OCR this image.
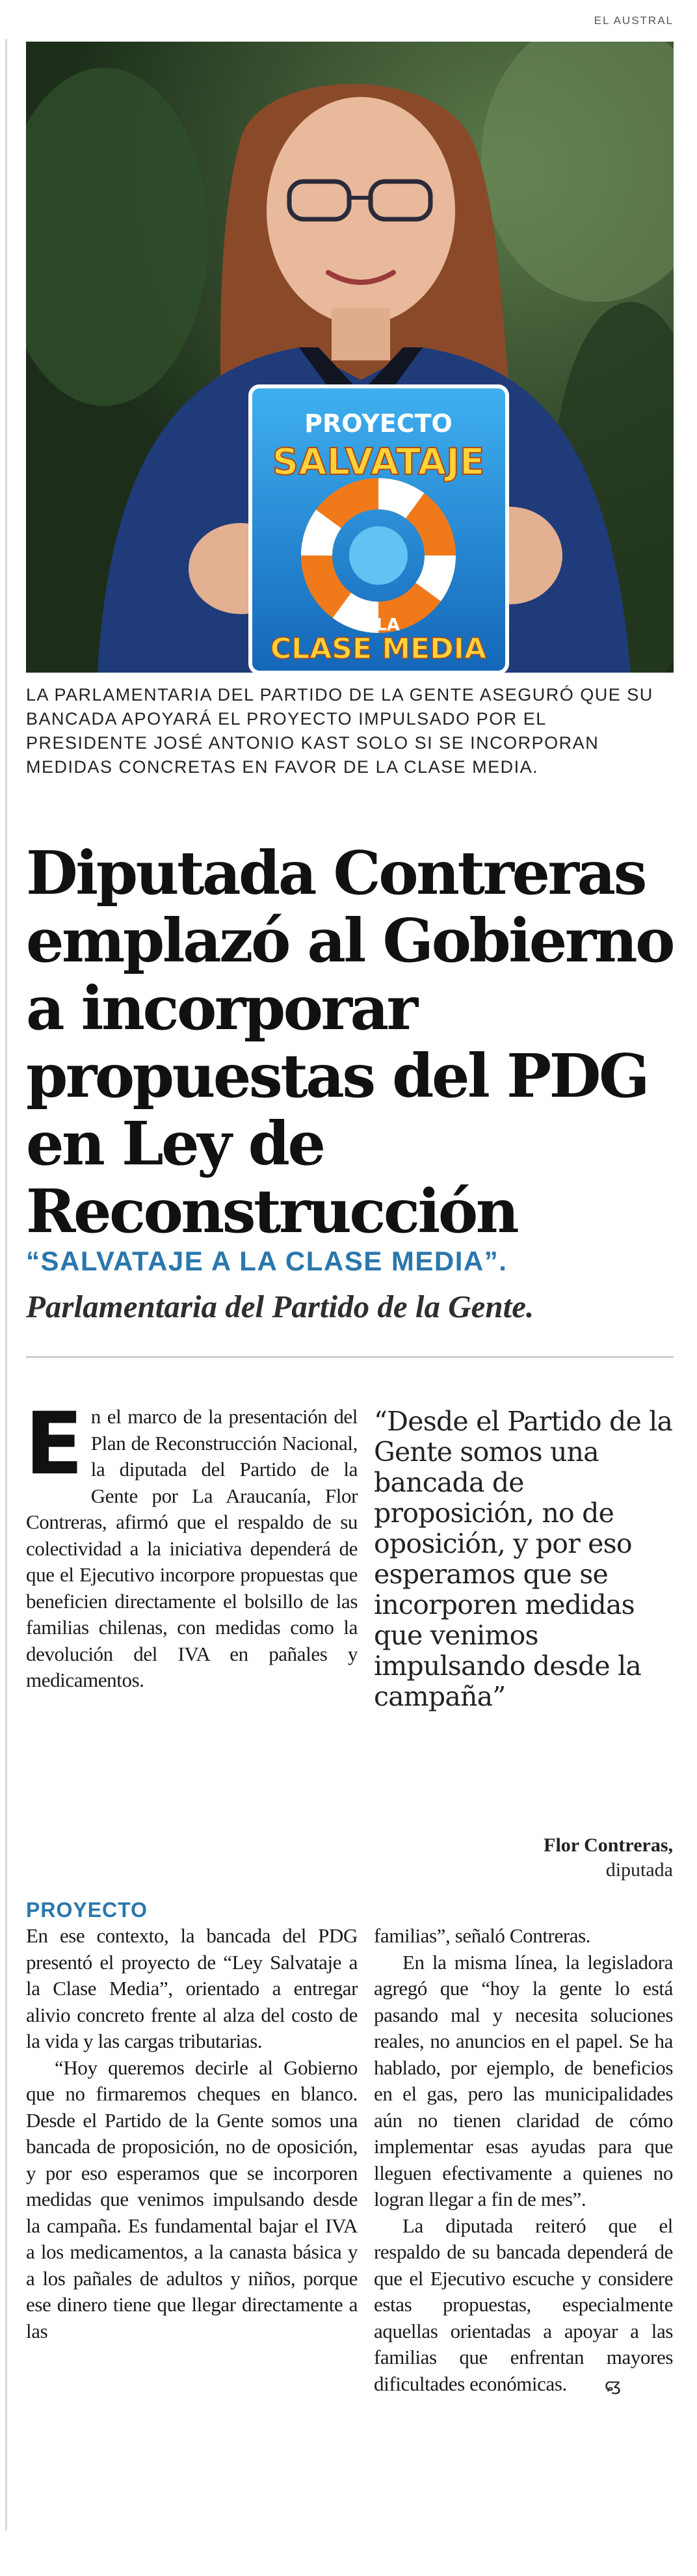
EL AUSTRAL
PROYECTO
SALVATAJE
A LA
CLASE MEDIA
LA PARLAMENTARIA DEL PARTIDO DE LA GENTE ASEGURÓ QUE SU BANCADA APOYARÁ EL PROYECTO IMPULSADO POR EL PRESIDENTE JOSÉ ANTONIO KAST SOLO SI SE INCORPORAN MEDIDAS CONCRETAS EN FAVOR DE LA CLASE MEDIA.
Diputada Contreras emplazó al Gobierno a incorporar propuestas del PDG en Ley de Reconstrucción
“SALVATAJE A LA CLASE MEDIA”.
Parlamentaria del Partido de la Gente.
E n el marco de la presentación del Plan de Reconstrucción Nacional, la diputada del Partido de la Gente por La Araucanía, Flor Contreras, afirmó que el respaldo de su colectividad a la iniciativa dependerá de que el Ejecutivo incorpore propuestas que beneficien directamente el bolsillo de las familias chilenas, con medidas como la devolución del IVA en pañales y medicamentos.

“Desde el Partido de la Gente somos una bancada de proposición, no de oposición, y por eso esperamos que se incorporen medidas que venimos impulsando desde la campaña”
Flor Contreras,
diputada
PROYECTO

En ese contexto, la bancada del PDG presentó el proyecto de “Ley Salvataje a la Clase Media”, orientado a entregar alivio concreto frente al alza del costo de la vida y las cargas tributarias.

“Hoy queremos decirle al Gobierno que no firmaremos cheques en blanco. Desde el Partido de la Gente somos una bancada de proposición, no de oposición, y por eso esperamos que se incorporen medidas que venimos impulsando desde la campaña. Es fundamental bajar el IVA a los medicamentos, a la canasta básica y a los pañales de adultos y niños, porque ese dinero tiene que llegar directamente a las

familias”, señaló Contreras.

En la misma línea, la legisladora agregó que “hoy la gente lo está pasando mal y necesita soluciones reales, no anuncios en el papel. Se ha hablado, por ejemplo, de beneficios en el gas, pero las municipalidades aún no tienen claridad de cómo implementar esas ayudas para que lleguen efectivamente a quienes no logran llegar a fin de mes”.

La diputada reiteró que el respaldo de su bancada dependerá de que el Ejecutivo escuche y considere estas propuestas, especialmente aquellas orientadas a apoyar a las familias que enfrentan mayores dificultades económicas. ɕʒ
